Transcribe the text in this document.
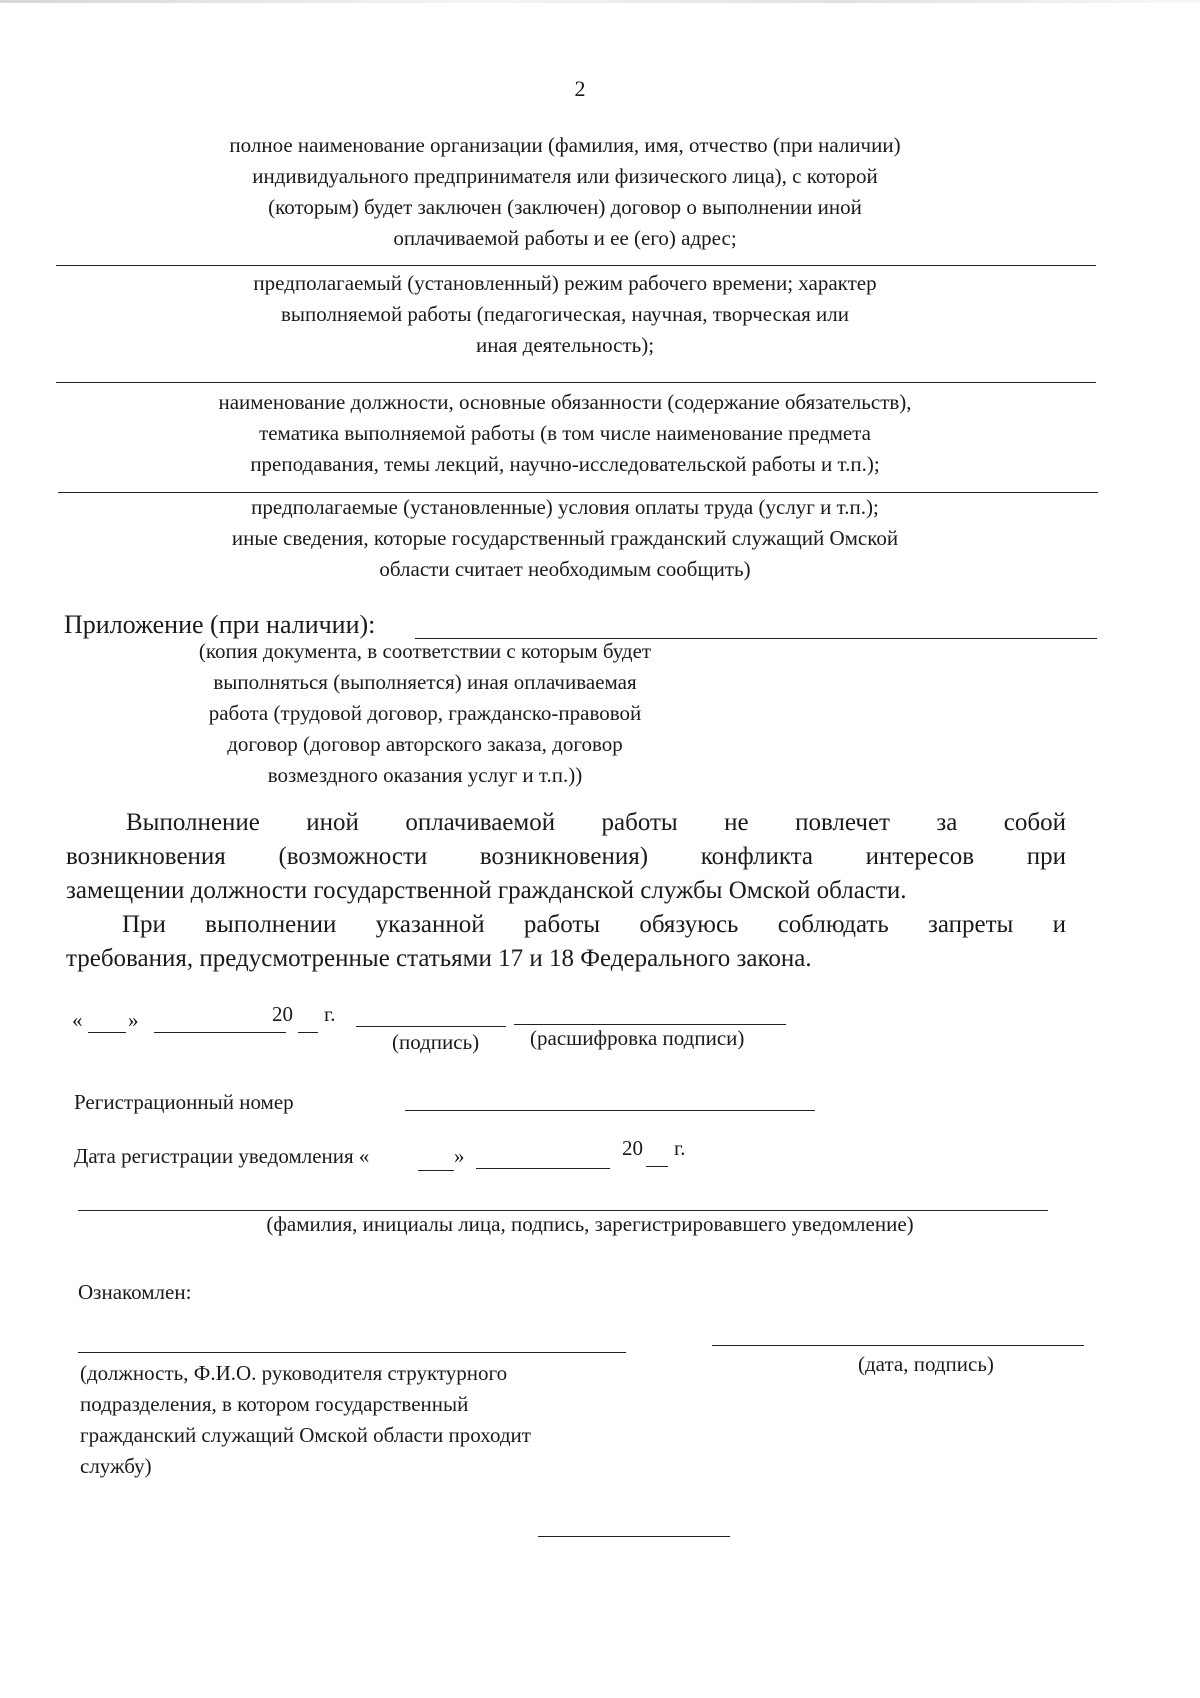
2
полное наименование организации (фамилия, имя, отчество (при наличии)
индивидуального предпринимателя или физического лица), с которой
(которым) будет заключен (заключен) договор о выполнении иной
оплачиваемой работы и ее (его) адрес;
предполагаемый (установленный) режим рабочего времени; характер
выполняемой работы (педагогическая, научная, творческая или
иная деятельность);
наименование должности, основные обязанности (содержание обязательств),
тематика выполняемой работы (в том числе наименование предмета
преподавания, темы лекций, научно-исследовательской работы и т.п.);
предполагаемые (установленные) условия оплаты труда (услуг и т.п.);
иные сведения, которые государственный гражданский служащий Омской
области считает необходимым сообщить)
Приложение (при наличии):
(копия документа, в соответствии с которым будет
выполняться (выполняется) иная оплачиваемая
работа (трудовой договор, гражданско-правовой
договор (договор авторского заказа, договор
возмездного оказания услуг и т.п.))
Выполнение иной оплачиваемой работы не повлечет за собой
возникновения (возможности возникновения) конфликта интересов при
замещении должности государственной гражданской службы Омской области.
При выполнении указанной работы обязуюсь соблюдать запреты и
требования, предусмотренные статьями 17 и 18 Федерального закона.
« »	20 г.
(подпись) (расшифровка подписи)
Регистрационный номер
Дата регистрации уведомления «	»	20 г.
(фамилия, инициалы лица, подпись, зарегистрировавшего уведомление)
Ознакомлен:
(должность, Ф.И.О. руководителя структурного
подразделения, в котором государственный
гражданский служащий Омской области проходит
службу)
(дата, подпись)
